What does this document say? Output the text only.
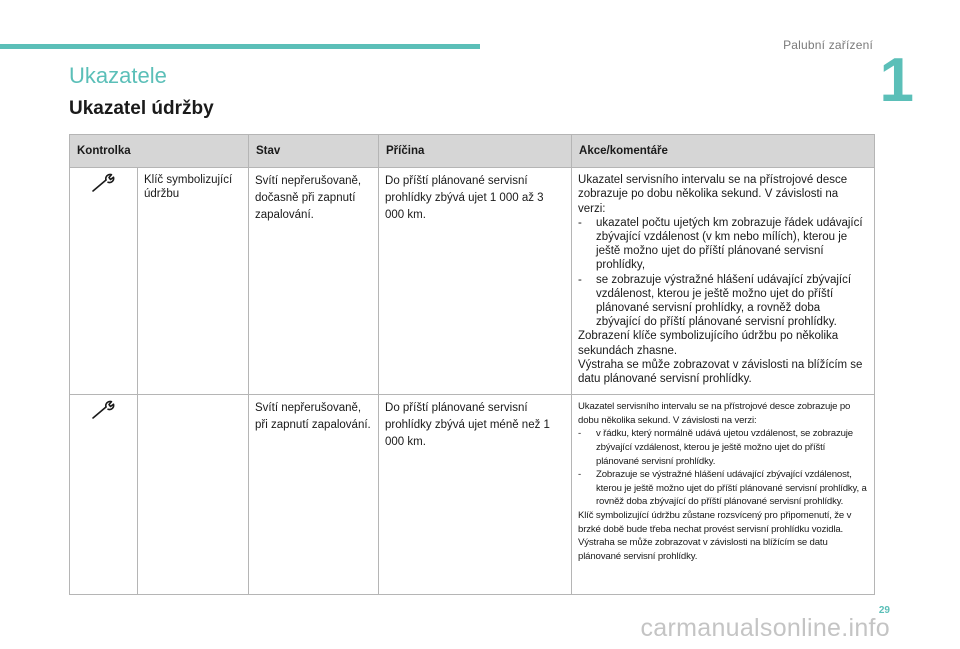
Palubní zařízení
1
Ukazatele
Ukazatel údržby
Kontrolka		Stav	Příčina	Akce/komentáře
	Klíč symbolizující údržbu	Svítí nepřerušovaně, dočasně při zapnutí zapalování.	Do příští plánované servisní prohlídky zbývá ujet 1 000 až 3 000 km.	Ukazatel servisního intervalu se na přístrojové desce zobrazuje po dobu několika sekund. V závislosti na verzi:

- ukazatel počtu ujetých km zobrazuje řádek udávající zbývající vzdálenost (v km nebo mílích), kterou je ještě možno ujet do příští plánované servisní prohlídky,

- se zobrazuje výstražné hlášení udávající zbývající vzdálenost, kterou je ještě možno ujet do příští plánované servisní prohlídky, a rovněž doba zbývající do příští plánované servisní prohlídky.

Zobrazení klíče symbolizujícího údržbu po několika sekundách zhasne.

Výstraha se může zobrazovat v závislosti na blížícím se datu plánované servisní prohlídky.

		Svítí nepřerušovaně, při zapnutí zapalování.	Do příští plánované servisní prohlídky zbývá ujet méně než 1 000 km.	Ukazatel servisního intervalu se na přístrojové desce zobrazuje po dobu několika sekund. V závislosti na verzi:

- v řádku, který normálně udává ujetou vzdálenost, se zobrazuje zbývající vzdálenost, kterou je ještě možno ujet do příští plánované servisní prohlídky.

- Zobrazuje se výstražné hlášení udávající zbývající vzdálenost, kterou je ještě možno ujet do příští plánované servisní prohlídky, a rovněž doba zbývající do příští plánované servisní prohlídky.

Klíč symbolizující údržbu zůstane rozsvícený pro připomenutí, že v brzké době bude třeba nechat provést servisní prohlídku vozidla.

Výstraha se může zobrazovat v závislosti na blížícím se datu plánované servisní prohlídky.

29
carmanualsonline.info
